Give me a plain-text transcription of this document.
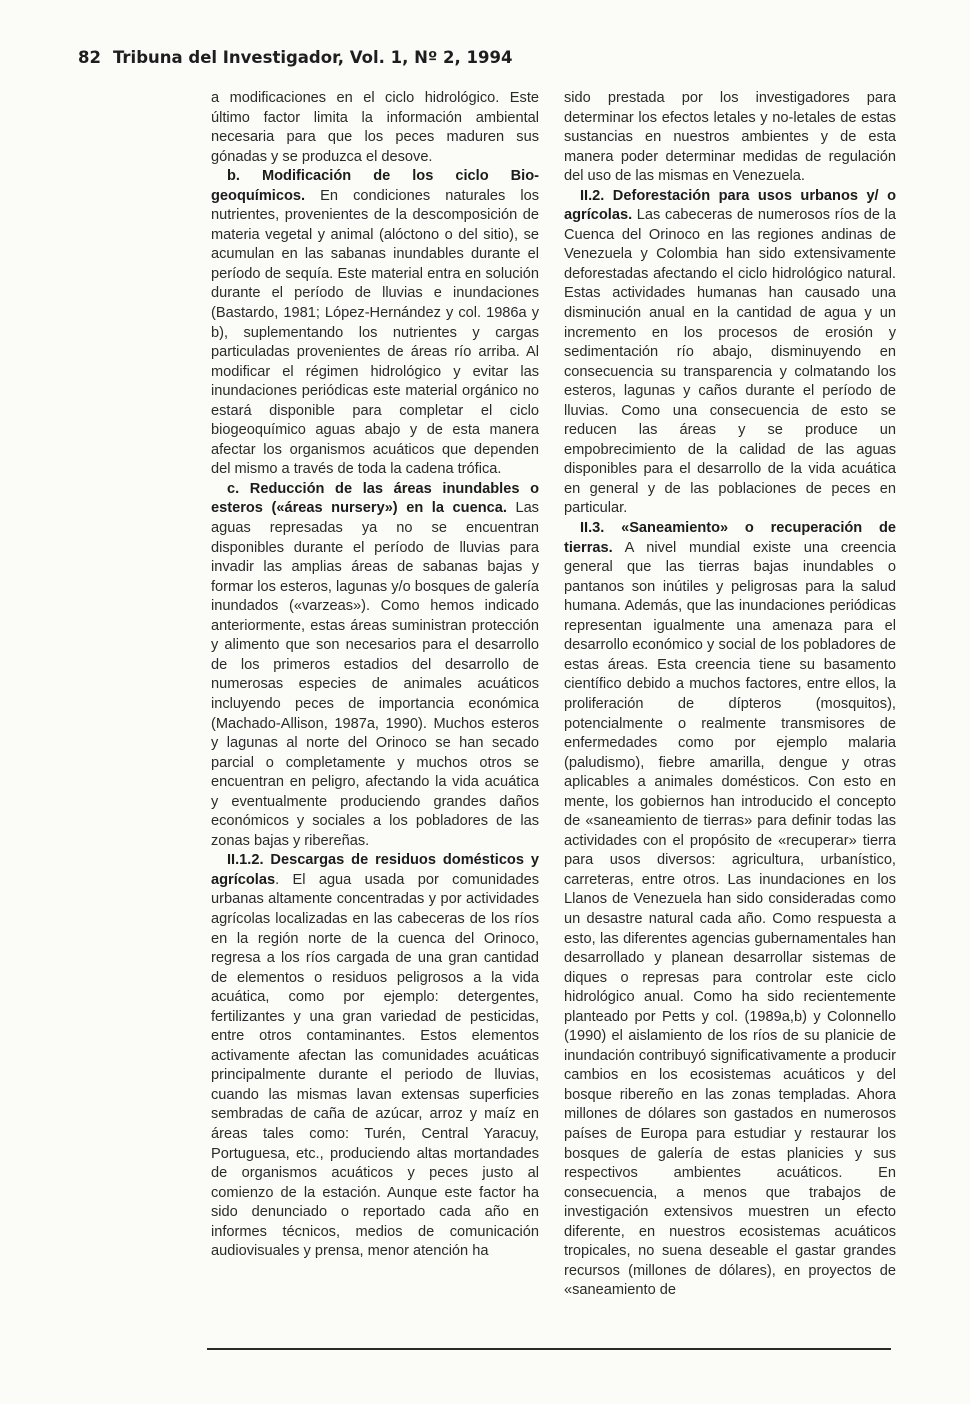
82 Tribuna del Investigador, Vol. 1, Nº 2, 1994

a modificaciones en el ciclo hidrológico. Este último factor limita la información ambiental necesaria para que los peces maduren sus gónadas y se produzca el desove.

b. Modificación de los ciclo Bio-geoquímicos. En condiciones naturales los nutrientes, provenientes de la descomposición de materia vegetal y animal (alóctono o del sitio), se acumulan en las sabanas inundables durante el período de sequía. Este material entra en solución durante el período de lluvias e inundaciones (Bastardo, 1981; López-Hernández y col. 1986a y b), suplementando los nutrientes y cargas particuladas provenientes de áreas río arriba. Al modificar el régimen hidrológico y evitar las inundaciones periódicas este material orgánico no estará disponible para completar el ciclo biogeoquímico aguas abajo y de esta manera afectar los organismos acuáticos que dependen del mismo a través de toda la cadena trófica.

c. Reducción de las áreas inundables o esteros («áreas nursery») en la cuenca. Las aguas represadas ya no se encuentran disponibles durante el período de lluvias para invadir las amplias áreas de sabanas bajas y formar los esteros, lagunas y/o bosques de galería inundados («varzeas»). Como hemos indicado anteriormente, estas áreas suministran protección y alimento que son necesarios para el desarrollo de los primeros estadios del desarrollo de numerosas especies de animales acuáticos incluyendo peces de importancia económica (Machado-Allison, 1987a, 1990). Muchos esteros y lagunas al norte del Orinoco se han secado parcial o completamente y muchos otros se encuentran en peligro, afectando la vida acuática y eventualmente produciendo grandes daños económicos y sociales a los pobladores de las zonas bajas y ribereñas.

II.1.2. Descargas de residuos domésticos y agrícolas. El agua usada por comunidades urbanas altamente concentradas y por actividades agrícolas localizadas en las cabeceras de los ríos en la región norte de la cuenca del Orinoco, regresa a los ríos cargada de una gran cantidad de elementos o residuos peligrosos a la vida acuática, como por ejemplo: detergentes, fertilizantes y una gran variedad de pesticidas, entre otros contaminantes. Estos elementos activamente afectan las comunidades acuáticas principalmente durante el periodo de lluvias, cuando las mismas lavan extensas superficies sembradas de caña de azúcar, arroz y maíz en áreas tales como: Turén, Central Yaracuy, Portuguesa, etc., produciendo altas mortandades de organismos acuáticos y peces justo al comienzo de la estación. Aunque este factor ha sido denunciado o reportado cada año en informes técnicos, medios de comunicación audiovisuales y prensa, menor atención ha

sido prestada por los investigadores para determinar los efectos letales y no-letales de estas sustancias en nuestros ambientes y de esta manera poder determinar medidas de regulación del uso de las mismas en Venezuela.

II.2. Deforestación para usos urbanos y/ o agrícolas. Las cabeceras de numerosos ríos de la Cuenca del Orinoco en las regiones andinas de Venezuela y Colombia han sido extensivamente deforestadas afectando el ciclo hidrológico natural. Estas actividades humanas han causado una disminución anual en la cantidad de agua y un incremento en los procesos de erosión y sedimentación río abajo, disminuyendo en consecuencia su transparencia y colmatando los esteros, lagunas y caños durante el período de lluvias. Como una consecuencia de esto se reducen las áreas y se produce un empobrecimiento de la calidad de las aguas disponibles para el desarrollo de la vida acuática en general y de las poblaciones de peces en particular.

II.3. «Saneamiento» o recuperación de tierras. A nivel mundial existe una creencia general que las tierras bajas inundables o pantanos son inútiles y peligrosas para la salud humana. Además, que las inundaciones periódicas representan igualmente una amenaza para el desarrollo económico y social de los pobladores de estas áreas. Esta creencia tiene su basamento científico debido a muchos factores, entre ellos, la proliferación de dípteros (mosquitos), potencialmente o realmente transmisores de enfermedades como por ejemplo malaria (paludismo), fiebre amarilla, dengue y otras aplicables a animales domésticos. Con esto en mente, los gobiernos han introducido el concepto de «saneamiento de tierras» para definir todas las actividades con el propósito de «recuperar» tierra para usos diversos: agricultura, urbanístico, carreteras, entre otros. Las inundaciones en los Llanos de Venezuela han sido consideradas como un desastre natural cada año. Como respuesta a esto, las diferentes agencias gubernamentales han desarrollado y planean desarrollar sistemas de diques o represas para controlar este ciclo hidrológico anual. Como ha sido recientemente planteado por Petts y col. (1989a,b) y Colonnello (1990) el aislamiento de los ríos de su planicie de inundación contribuyó significativamente a producir cambios en los ecosistemas acuáticos y del bosque ribereño en las zonas templadas. Ahora millones de dólares son gastados en numerosos países de Europa para estudiar y restaurar los bosques de galería de estas planicies y sus respectivos ambientes acuáticos. En consecuencia, a menos que trabajos de investigación extensivos muestren un efecto diferente, en nuestros ecosistemas acuáticos tropicales, no suena deseable el gastar grandes recursos (millones de dólares), en proyectos de «saneamiento de
